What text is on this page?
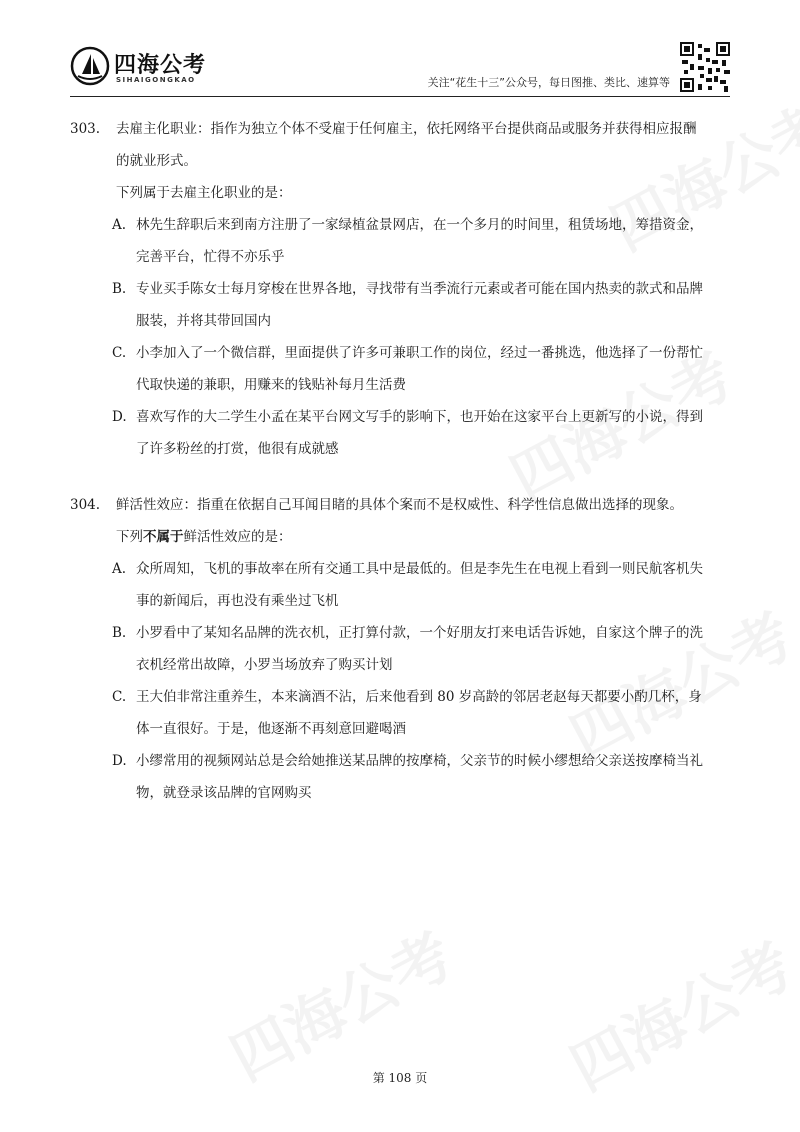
四海公考
SIHAIGONGKAO	关注“花生十三”公众号，每日图推、类比、速算等
303. 去雇主化职业：指作为独立个体不受雇于任何雇主，依托网络平台提供商品或服务并获得相应报酬
的就业形式。
下列属于去雇主化职业的是：
A. 林先生辞职后来到南方注册了一家绿植盆景网店，在一个多月的时间里，租赁场地，筹措资金，
完善平台，忙得不亦乐乎
B. 专业买手陈女士每月穿梭在世界各地，寻找带有当季流行元素或者可能在国内热卖的款式和品牌
服装，并将其带回国内
C. 小李加入了一个微信群，里面提供了许多可兼职工作的岗位，经过一番挑选，他选择了一份帮忙
代取快递的兼职，用赚来的钱贴补每月生活费
D. 喜欢写作的大二学生小孟在某平台网文写手的影响下，也开始在这家平台上更新写的小说，得到
了许多粉丝的打赏，他很有成就感
304. 鲜活性效应：指重在依据自己耳闻目睹的具体个案而不是权威性、科学性信息做出选择的现象。
下列不属于鲜活性效应的是：
A. 众所周知，飞机的事故率在所有交通工具中是最低的。但是李先生在电视上看到一则民航客机失
事的新闻后，再也没有乘坐过飞机
B. 小罗看中了某知名品牌的洗衣机，正打算付款，一个好朋友打来电话告诉她，自家这个牌子的洗
衣机经常出故障，小罗当场放弃了购买计划
C. 王大伯非常注重养生，本来滴酒不沾，后来他看到 80 岁高龄的邻居老赵每天都要小酌几杯，身
体一直很好。于是，他逐渐不再刻意回避喝酒
D. 小缪常用的视频网站总是会给她推送某品牌的按摩椅，父亲节的时候小缪想给父亲送按摩椅当礼
物，就登录该品牌的官网购买
第 108 页
